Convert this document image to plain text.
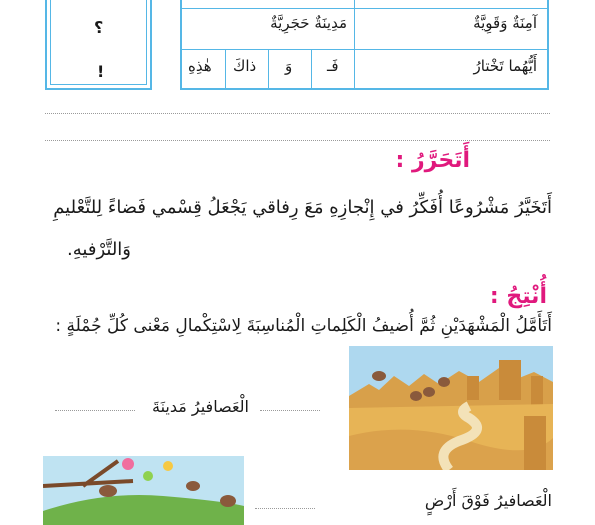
آمِنَةٌ وَقَوِيَّةٌ
مَدِينَةٌ حَجَرِيَّةٌ
أَيُّهُما تَخْتارُ
فَـ
وَ
ذاكَ
هٰذِهِ
؟
!
أَتَحَرَّرُ :
أَتَخَيَّرُ مَشْرُوعًا أُفَكِّرُ في إِنْجازِهِ مَعَ رِفاقي يَجْعَلُ قِسْمي فَضاءً لِلتَّعْليمِ
وَالتَّرْفيهِ.
أُنْتِجُ :
أَتَأَمَّلُ الْمَشْهَدَيْنِ ثُمَّ أُضيفُ الْكَلِماتِ الْمُناسِبَةَ لِاسْتِكْمالِ مَعْنى كُلِّ جُمْلَةٍ :
الْعَصافيرُ مَدينَةَ
الْعَصافيرُ فَوْقَ أَرْضٍ
